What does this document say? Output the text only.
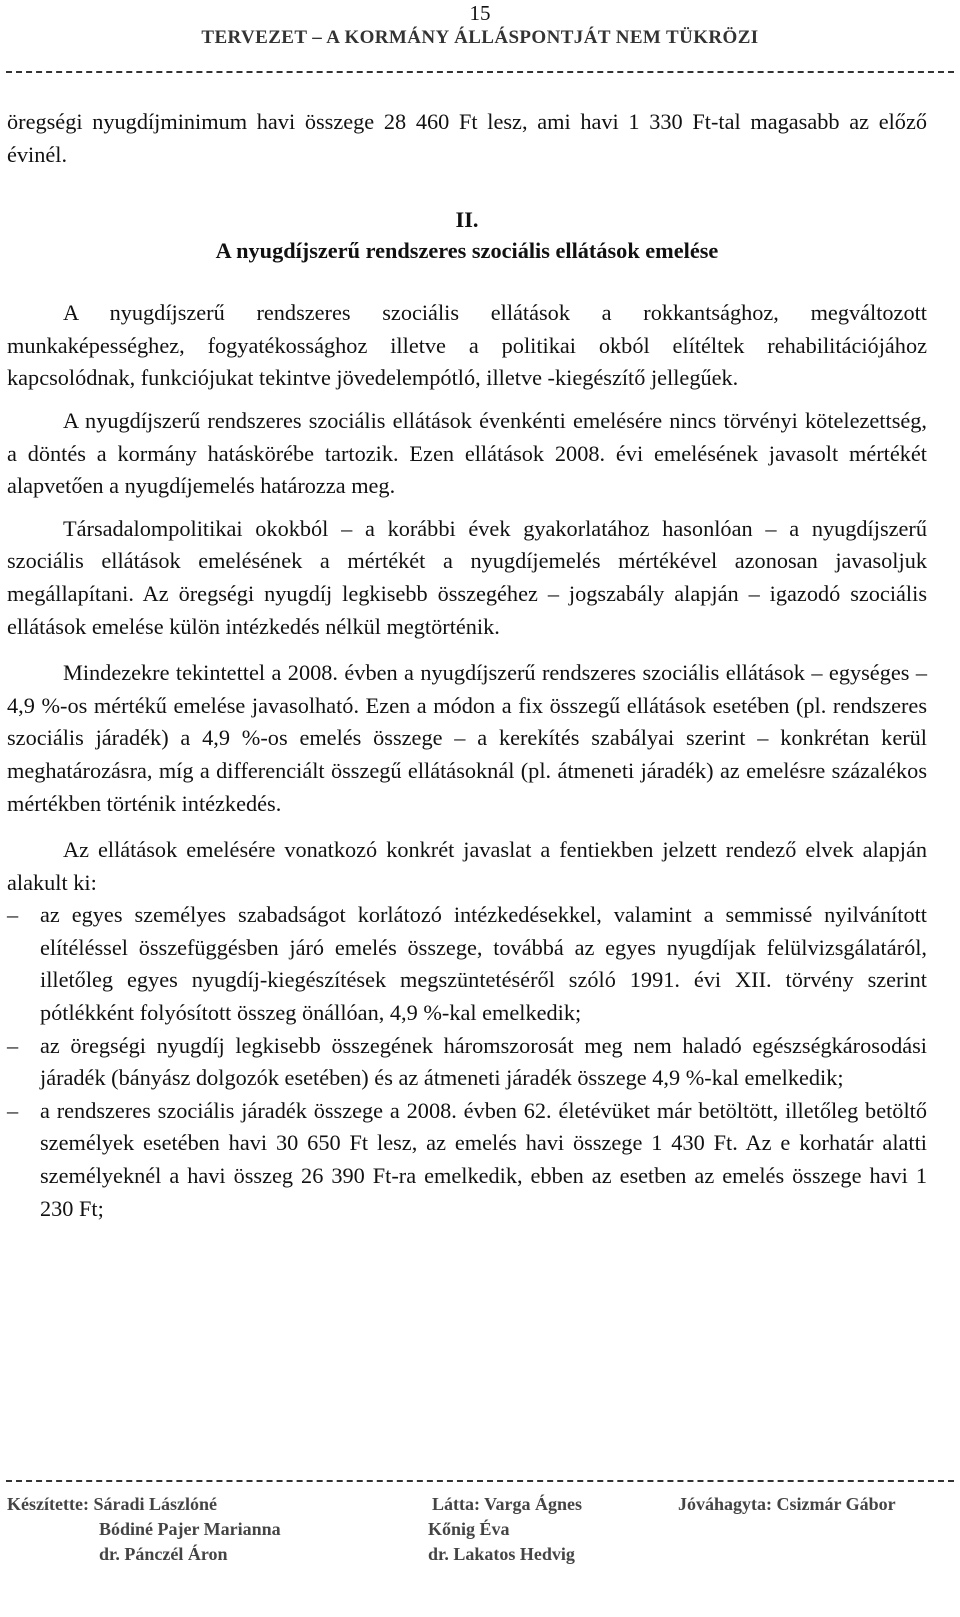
15
TERVEZET – A KORMÁNY ÁLLÁSPONTJÁT NEM TÜKRÖZI

öregségi nyugdíjminimum havi összege 28 460 Ft lesz, ami havi 1 330 Ft-tal magasabb az előző évinél.

II.
A nyugdíjszerű rendszeres szociális ellátások emelése

A nyugdíjszerű rendszeres szociális ellátások a rokkantsághoz, megváltozott munkaképességhez, fogyatékossághoz illetve a politikai okból elítéltek rehabilitációjához kapcsolódnak, funkciójukat tekintve jövedelempótló, illetve -kiegészítő jellegűek.

A nyugdíjszerű rendszeres szociális ellátások évenkénti emelésére nincs törvényi kötelezettség, a döntés a kormány hatáskörébe tartozik. Ezen ellátások 2008. évi emelésének javasolt mértékét alapvetően a nyugdíjemelés határozza meg.

Társadalompolitikai okokból – a korábbi évek gyakorlatához hasonlóan – a nyugdíjszerű szociális ellátások emelésének a mértékét a nyugdíjemelés mértékével azonosan javasoljuk megállapítani. Az öregségi nyugdíj legkisebb összegéhez – jogszabály alapján – igazodó szociális ellátások emelése külön intézkedés nélkül megtörténik.

Mindezekre tekintettel a 2008. évben a nyugdíjszerű rendszeres szociális ellátások – egységes – 4,9 %-os mértékű emelése javasolható. Ezen a módon a fix összegű ellátások esetében (pl. rendszeres szociális járadék) a 4,9 %-os emelés összege – a kerekítés szabályai szerint – konkrétan kerül meghatározásra, míg a differenciált összegű ellátásoknál (pl. átmeneti járadék) az emelésre százalékos mértékben történik intézkedés.

Az ellátások emelésére vonatkozó konkrét javaslat a fentiekben jelzett rendező elvek alapján alakult ki:

– az egyes személyes szabadságot korlátozó intézkedésekkel, valamint a semmissé nyilvánított elítéléssel összefüggésben járó emelés összege, továbbá az egyes nyugdíjak felülvizsgálatáról, illetőleg egyes nyugdíj-kiegészítések megszüntetéséről szóló 1991. évi XII. törvény szerint pótlékként folyósított összeg önállóan, 4,9 %-kal emelkedik;
– az öregségi nyugdíj legkisebb összegének háromszorosát meg nem haladó egészségkárosodási járadék (bányász dolgozók esetében) és az átmeneti járadék összege 4,9 %-kal emelkedik;
– a rendszeres szociális járadék összege a 2008. évben 62. életévüket már betöltött, illetőleg betöltő személyek esetében havi 30 650 Ft lesz, az emelés havi összege 1 430 Ft. Az e korhatár alatti személyeknél a havi összeg 26 390 Ft-ra emelkedik, ebben az esetben az emelés összege havi 1 230 Ft;
Készítette: Sáradi Lászlóné
Bódiné Pajer Marianna
dr. Pánczél Áron
Látta: Varga Ágnes
Kőnig Éva
dr. Lakatos Hedvig
Jóváhagyta: Csizmár Gábor
